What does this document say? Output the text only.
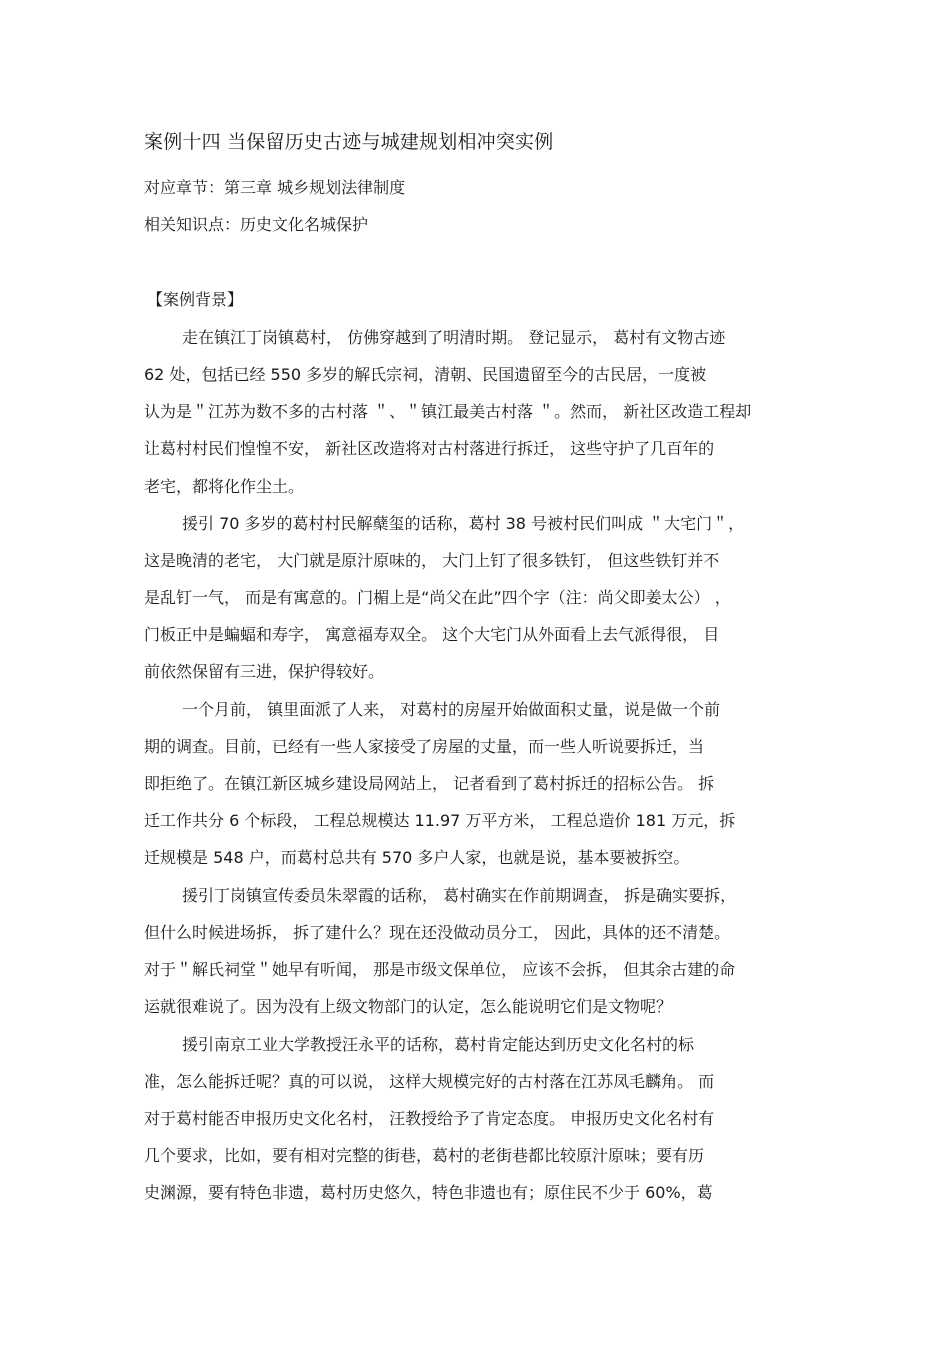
案例十四 当保留历史古迹与城建规划相冲突实例
对应章节：第三章 城乡规划法律制度
相关知识点：历史文化名城保护
【案例背景】
走在镇江丁岗镇葛村， 仿佛穿越到了明清时期。 登记显示， 葛村有文物古迹
62 处，包括已经 550 多岁的解氏宗祠，清朝、民国遗留至今的古民居，一度被
认为是＂江苏为数不多的古村落 ＂、＂镇江最美古村落 ＂。然而， 新社区改造工程却
让葛村村民们惶惶不安， 新社区改造将对古村落进行拆迁， 这些守护了几百年的
老宅，都将化作尘土。
援引 70 多岁的葛村村民解蘖玺的话称，葛村 38 号被村民们叫成 ＂大宅门＂，
这是晚清的老宅， 大门就是原汁原味的， 大门上钉了很多铁钉， 但这些铁钉并不
是乱钉一气， 而是有寓意的。门楣上是“尚父在此”四个字（注：尚父即姜太公） ，
门板正中是蝙蝠和寿字， 寓意福寿双全。 这个大宅门从外面看上去气派得很， 目
前依然保留有三进，保护得较好。
一个月前， 镇里面派了人来， 对葛村的房屋开始做面积丈量，说是做一个前
期的调查。目前，已经有一些人家接受了房屋的丈量，而一些人听说要拆迁，当
即拒绝了。在镇江新区城乡建设局网站上， 记者看到了葛村拆迁的招标公告。 拆
迁工作共分 6 个标段， 工程总规模达 11.97 万平方米， 工程总造价 181 万元，拆
迁规模是 548 户，而葛村总共有 570 多户人家，也就是说，基本要被拆空。
援引丁岗镇宣传委员朱翠霞的话称， 葛村确实在作前期调查， 拆是确实要拆，
但什么时候进场拆， 拆了建什么？现在还没做动员分工， 因此，具体的还不清楚。
对于＂解氏祠堂＂她早有听闻， 那是市级文保单位， 应该不会拆， 但其余古建的命
运就很难说了。因为没有上级文物部门的认定，怎么能说明它们是文物呢？
援引南京工业大学教授汪永平的话称，葛村肯定能达到历史文化名村的标
准，怎么能拆迁呢？真的可以说， 这样大规模完好的古村落在江苏凤毛麟角。 而
对于葛村能否申报历史文化名村， 汪教授给予了肯定态度。 申报历史文化名村有
几个要求，比如，要有相对完整的街巷，葛村的老街巷都比较原汁原味；要有历
史渊源，要有特色非遗，葛村历史悠久，特色非遗也有；原住民不少于 60%，葛
